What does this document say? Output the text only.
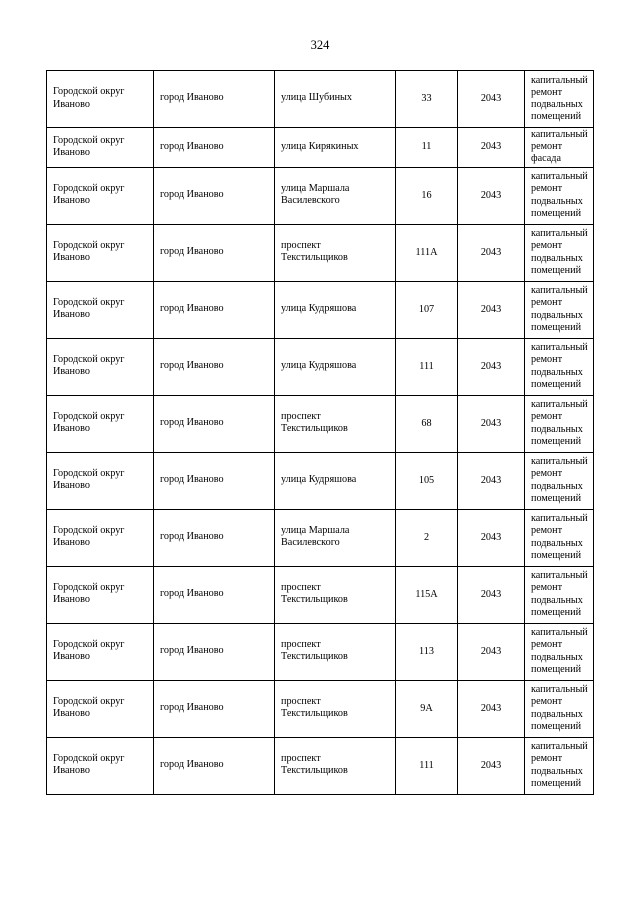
324
Городской округ Иваново	город Иваново	улица Шубиных	33	2043	капитальный ремонт подвальных помещений
Городской округ Иваново	город Иваново	улица Кирякиных	11	2043	капитальный ремонт фасада
Городской округ Иваново	город Иваново	улица Маршала Василевского	16	2043	капитальный ремонт подвальных помещений
Городской округ Иваново	город Иваново	проспект Текстильщиков	111А	2043	капитальный ремонт подвальных помещений
Городской округ Иваново	город Иваново	улица Кудряшова	107	2043	капитальный ремонт подвальных помещений
Городской округ Иваново	город Иваново	улица Кудряшова	111	2043	капитальный ремонт подвальных помещений
Городской округ Иваново	город Иваново	проспект Текстильщиков	68	2043	капитальный ремонт подвальных помещений
Городской округ Иваново	город Иваново	улица Кудряшова	105	2043	капитальный ремонт подвальных помещений
Городской округ Иваново	город Иваново	улица Маршала Василевского	2	2043	капитальный ремонт подвальных помещений
Городской округ Иваново	город Иваново	проспект Текстильщиков	115А	2043	капитальный ремонт подвальных помещений
Городской округ Иваново	город Иваново	проспект Текстильщиков	113	2043	капитальный ремонт подвальных помещений
Городской округ Иваново	город Иваново	проспект Текстильщиков	9А	2043	капитальный ремонт подвальных помещений
Городской округ Иваново	город Иваново	проспект Текстильщиков	111	2043	капитальный ремонт подвальных помещений
